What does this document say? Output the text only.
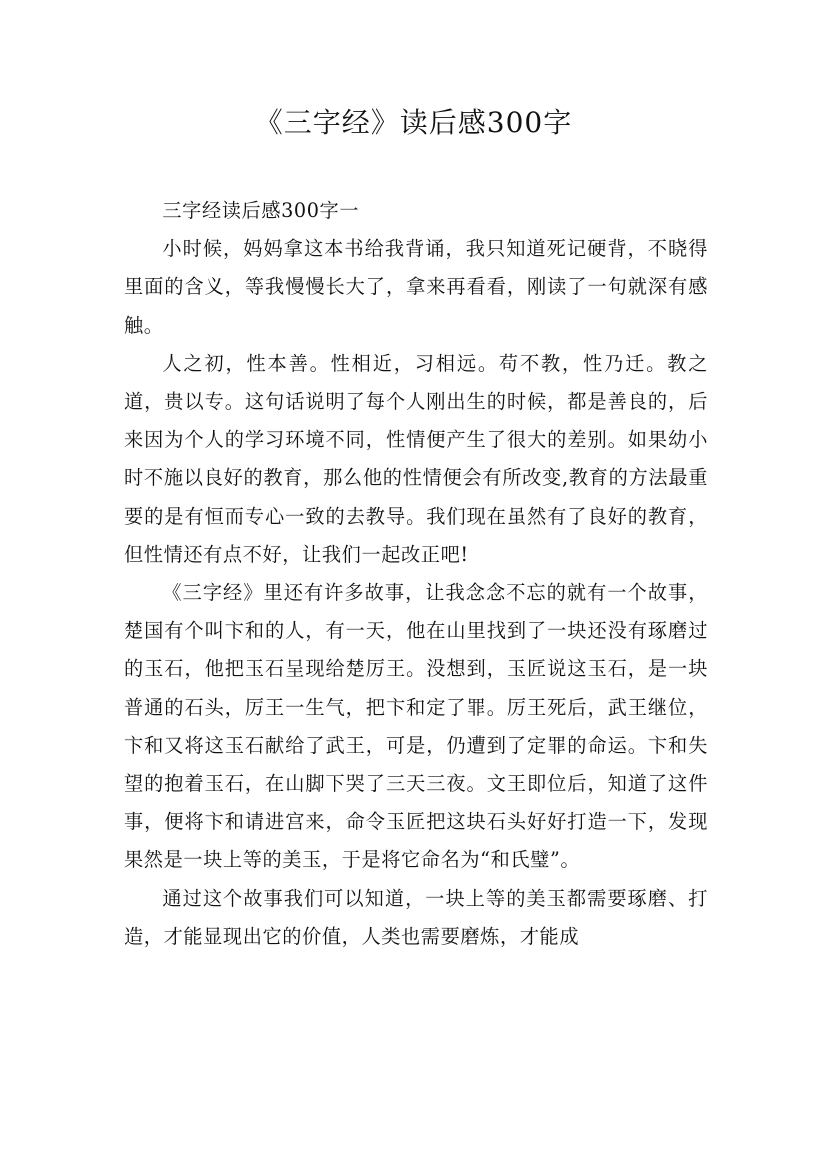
《三字经》读后感300字

三字经读后感300字一

小时候，妈妈拿这本书给我背诵，我只知道死记硬背，不晓得里面的含义，等我慢慢长大了，拿来再看看，刚读了一句就深有感触。

人之初，性本善。性相近，习相远。苟不教，性乃迁。教之道，贵以专。这句话说明了每个人刚出生的时候，都是善良的，后来因为个人的学习环境不同，性情便产生了很大的差别。如果幼小时不施以良好的教育，那么他的性情便会有所改变,教育的方法最重要的是有恒而专心一致的去教导。我们现在虽然有了良好的教育，但性情还有点不好，让我们一起改正吧!

《三字经》里还有许多故事，让我念念不忘的就有一个故事，楚国有个叫卞和的人，有一天，他在山里找到了一块还没有琢磨过的玉石，他把玉石呈现给楚厉王。没想到，玉匠说这玉石，是一块普通的石头，厉王一生气，把卞和定了罪。厉王死后，武王继位，卞和又将这玉石献给了武王，可是，仍遭到了定罪的命运。卞和失望的抱着玉石，在山脚下哭了三天三夜。文王即位后，知道了这件事，便将卞和请进宫来，命令玉匠把这块石头好好打造一下，发现果然是一块上等的美玉，于是将它命名为“和氏璧”。

通过这个故事我们可以知道，一块上等的美玉都需要琢磨、打造，才能显现出它的价值，人类也需要磨炼，才能成
